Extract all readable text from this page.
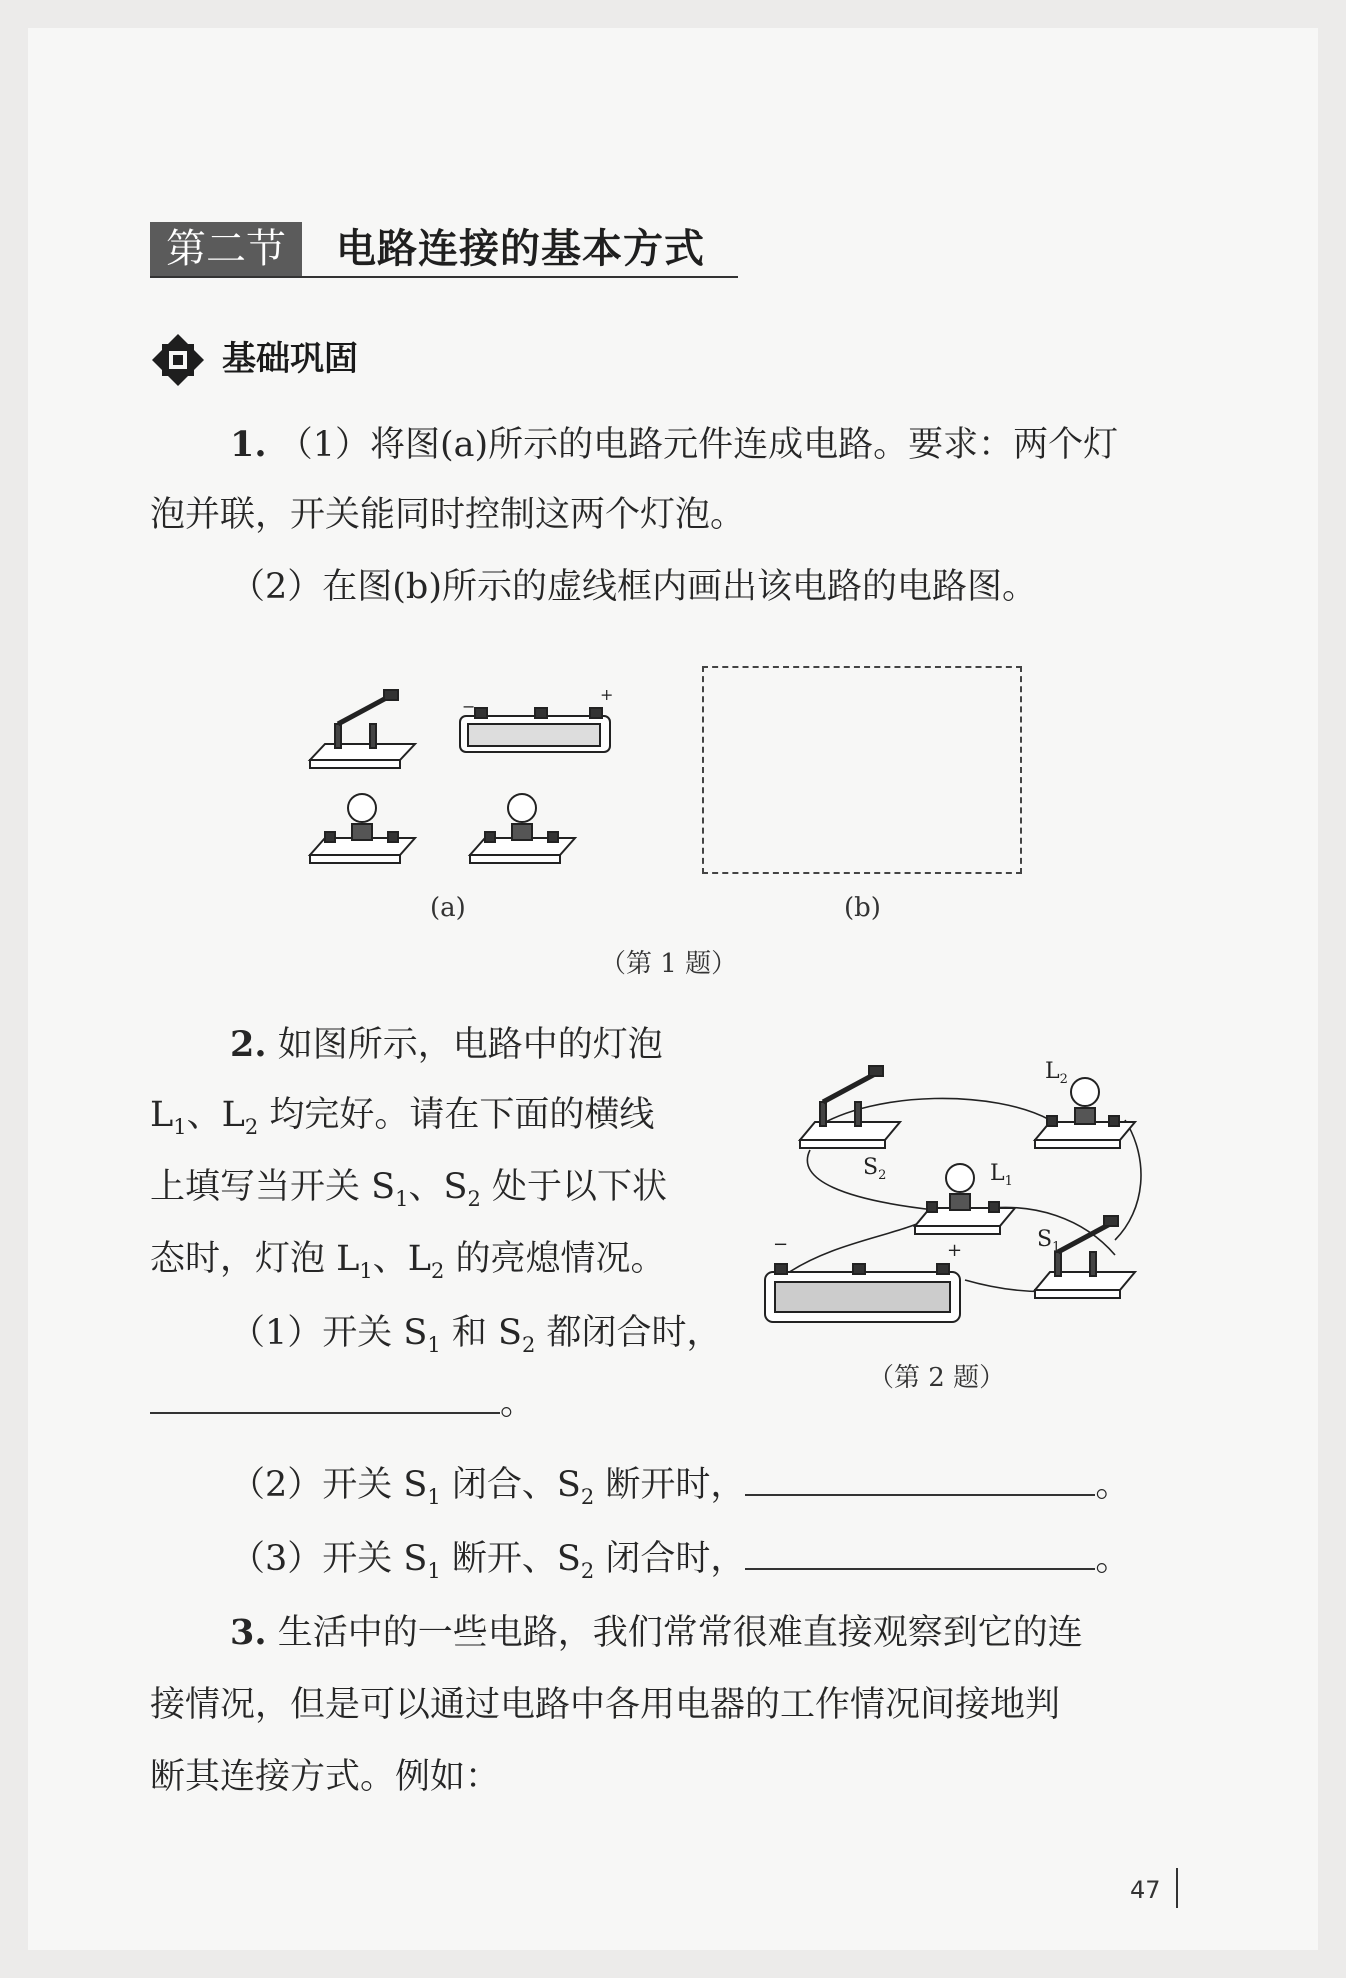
第二节	电路连接的基本方式
基础巩固
1. （1）将图(a)所示的电路元件连成电路。要求：两个灯
泡并联，开关能同时控制这两个灯泡。
（2）在图(b)所示的虚线框内画出该电路的电路图。
−
+
(a)	(b)
（第 1 题）
2. 如图所示，电路中的灯泡
$L_1$、$L_2$ 均完好。请在下面的横线
上填写当开关 $S_1$、$S_2$ 处于以下状
态时，灯泡 $L_1$、$L_2$ 的亮熄情况。
（1）开关 $S_1$ 和 $S_2$ 都闭合时，
。
（2）开关 $S_1$ 闭合、$S_2$ 断开时，	。
（3）开关 $S_1$ 断开、$S_2$ 闭合时，	。
$L_2$
$L_1$
$S_2$
$S_1$
−	+
（第 2 题）
3. 生活中的一些电路，我们常常很难直接观察到它的连
接情况，但是可以通过电路中各用电器的工作情况间接地判
断其连接方式。例如：
47
